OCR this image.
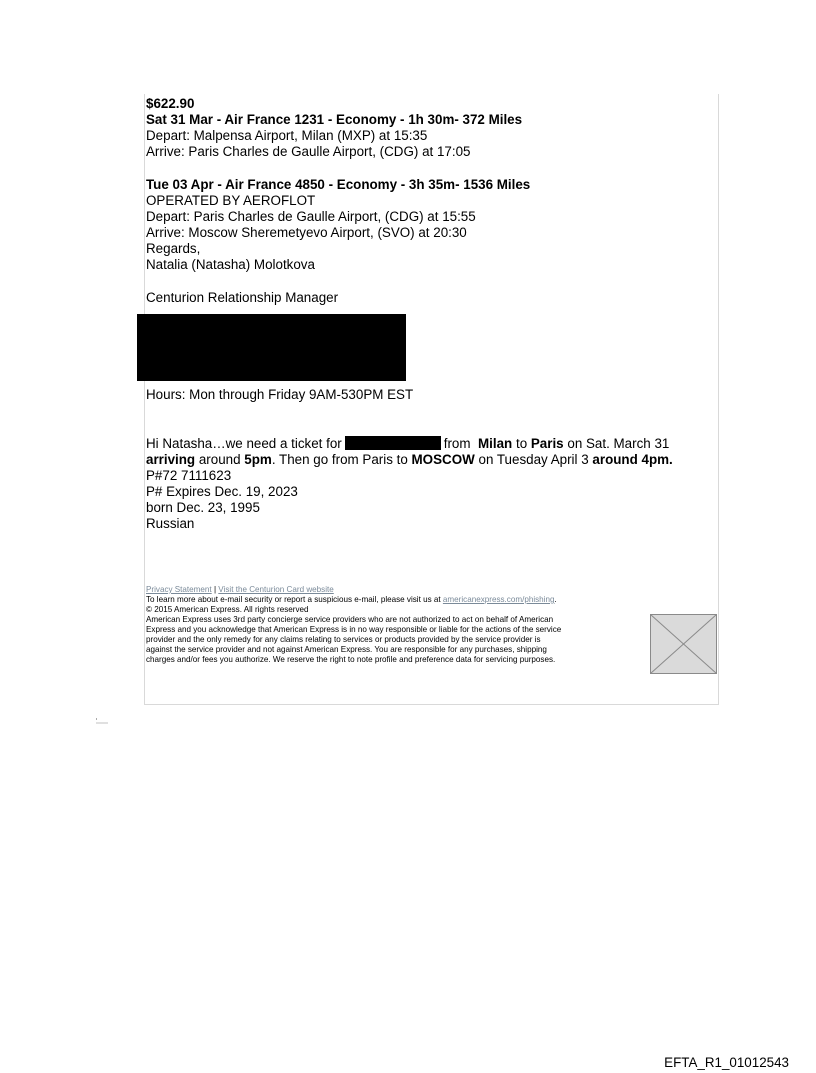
$622.90
Sat 31 Mar - Air France 1231 - Economy - 1h 30m- 372 Miles
Depart: Malpensa Airport, Milan (MXP) at 15:35
Arrive: Paris Charles de Gaulle Airport, (CDG) at 17:05
Tue 03 Apr - Air France 4850 - Economy - 3h 35m- 1536 Miles
OPERATED BY AEROFLOT
Depart: Paris Charles de Gaulle Airport, (CDG) at 15:55
Arrive: Moscow Sheremetyevo Airport, (SVO) at 20:30
Regards,
Natalia (Natasha) Molotkova
Centurion Relationship Manager
Hours: Mon through Friday 9AM-530PM EST
Hi Natasha…we need a ticket for	from Milan to Paris on Sat. March 31
arriving around 5pm. Then go from Paris to MOSCOW on Tuesday April 3 around 4pm.
P#72 7111623
P# Expires Dec. 19, 2023
born Dec. 23, 1995
Russian
Privacy Statement | Visit the Centurion Card website
To learn more about e-mail security or report a suspicious e-mail, please visit us at americanexpress.com/phishing.
© 2015 American Express. All rights reserved
American Express uses 3rd party concierge service providers who are not authorized to act on behalf of American
Express and you acknowledge that American Express is in no way responsible or liable for the actions of the service
provider and the only remedy for any claims relating to services or products provided by the service provider is
against the service provider and not against American Express. You are responsible for any purchases, shipping
charges and/or fees you authorize. We reserve the right to note profile and preference data for servicing purposes.
EFTA_R1_01012543
